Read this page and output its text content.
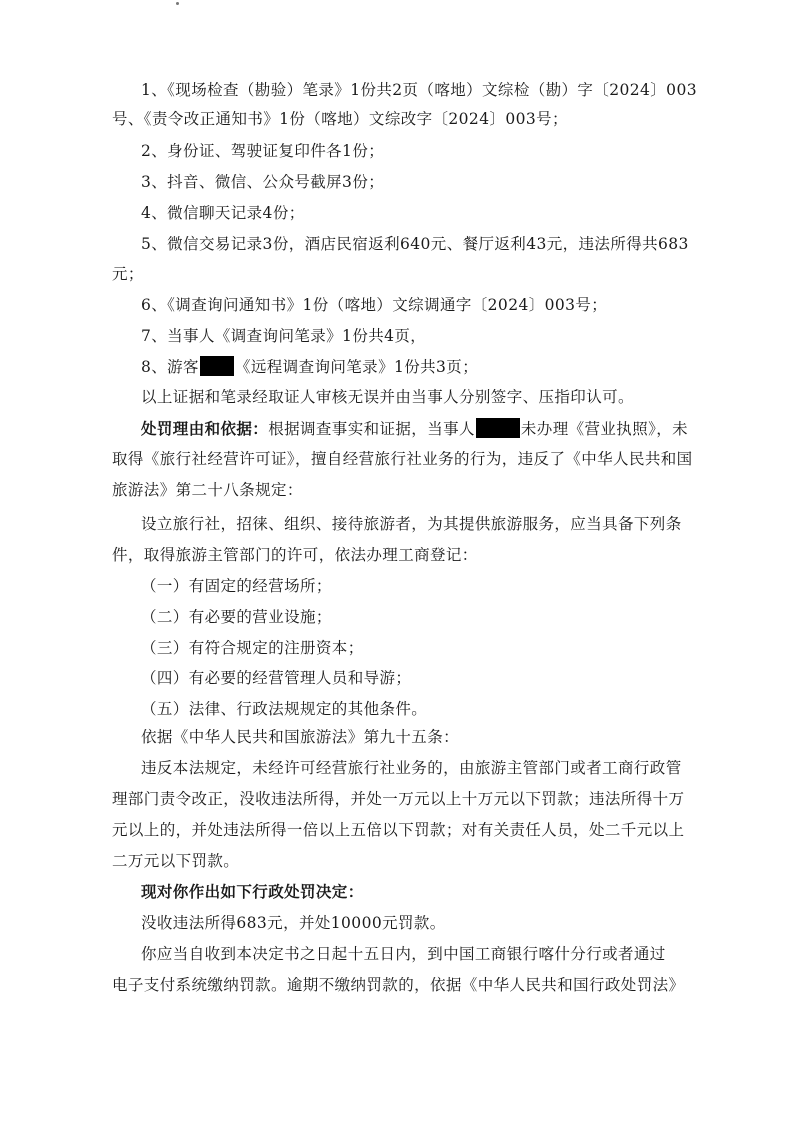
1、《现场检查（勘验）笔录》1份共2页（喀地）文综检（勘）字〔2024〕003
号、《责令改正通知书》1份（喀地）文综改字〔2024〕003号；
2、身份证、驾驶证复印件各1份；
3、抖音、微信、公众号截屏3份；
4、微信聊天记录4份；
5、微信交易记录3份，酒店民宿返利640元、餐厅返利43元，违法所得共683
元；
6、《调查询问通知书》1份（喀地）文综调通字〔2024〕003号；
7、当事人《调查询问笔录》1份共4页，
8、游客 《远程调查询问笔录》1份共3页；
以上证据和笔录经取证人审核无误并由当事人分别签字、压指印认可。
处罚理由和依据：根据调查事实和证据，当事人	未办理《营业执照》，未
取得《旅行社经营许可证》，擅自经营旅行社业务的行为，违反了《中华人民共和国
旅游法》第二十八条规定：
设立旅行社，招徕、组织、接待旅游者，为其提供旅游服务，应当具备下列条
件，取得旅游主管部门的许可，依法办理工商登记：
（一）有固定的经营场所；
（二）有必要的营业设施；
（三）有符合规定的注册资本；
（四）有必要的经营管理人员和导游；
（五）法律、行政法规规定的其他条件。
依据《中华人民共和国旅游法》第九十五条：
违反本法规定，未经许可经营旅行社业务的，由旅游主管部门或者工商行政管
理部门责令改正，没收违法所得，并处一万元以上十万元以下罚款；违法所得十万
元以上的，并处违法所得一倍以上五倍以下罚款；对有关责任人员，处二千元以上
二万元以下罚款。
现对你作出如下行政处罚决定：
没收违法所得683元，并处10000元罚款。
你应当自收到本决定书之日起十五日内，到中国工商银行喀什分行或者通过
电子支付系统缴纳罚款。逾期不缴纳罚款的，依据《中华人民共和国行政处罚法》
